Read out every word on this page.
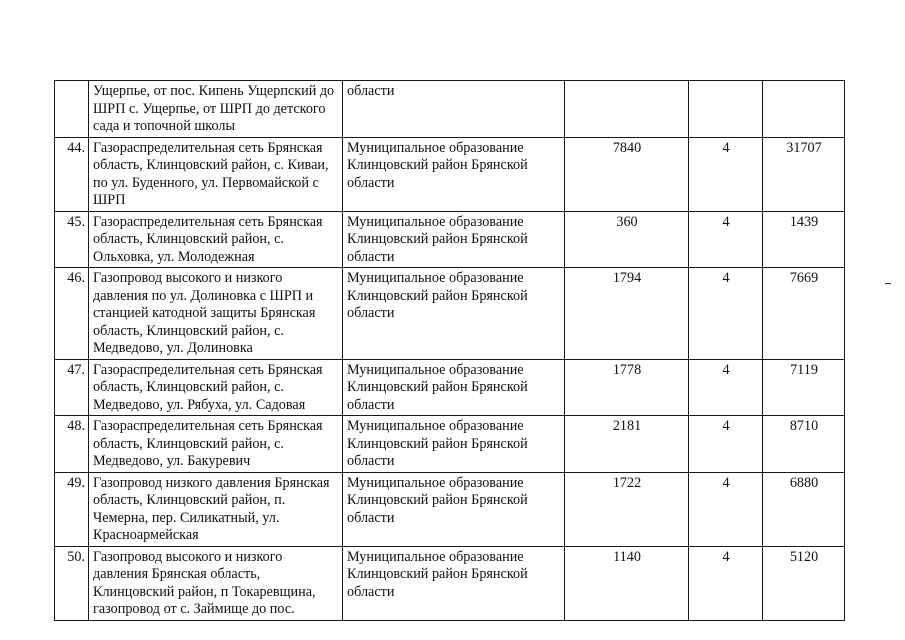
	Ущерпье, от пос. Кипень Ущерпский до ШРП с. Ущерпье, от ШРП до детского сада и топочной школы	области			
44.	Газораспределительная сеть Брянская область, Клинцовский район, с. Киваи, по ул. Буденного, ул. Первомайской с ШРП	Муниципальное образование Клинцовский район Брянской области	7840	4	31707
45.	Газораспределительная сеть Брянская область, Клинцовский район, с. Ольховка, ул. Молодежная	Муниципальное образование Клинцовский район Брянской области	360	4	1439
46.	Газопровод высокого и низкого давления по ул. Долиновка с ШРП и станцией катодной защиты Брянская область, Клинцовский район, с. Медведово, ул. Долиновка	Муниципальное образование Клинцовский район Брянской области	1794	4	7669
47.	Газораспределительная сеть Брянская область, Клинцовский район, с. Медведово, ул. Рябуха, ул. Садовая	Муниципальное образование Клинцовский район Брянской области	1778	4	7119
48.	Газораспределительная сеть Брянская область, Клинцовский район, с. Медведово, ул. Бакуревич	Муниципальное образование Клинцовский район Брянской области	2181	4	8710
49.	Газопровод низкого давления Брянская область, Клинцовский район, п. Чемерна, пер. Силикатный, ул. Красноармейская	Муниципальное образование Клинцовский район Брянской области	1722	4	6880
50.	Газопровод высокого и низкого давления Брянская область, Клинцовский район, п Токаревщина, газопровод от с. Займище до пос.	Муниципальное образование Клинцовский район Брянской области	1140	4	5120
